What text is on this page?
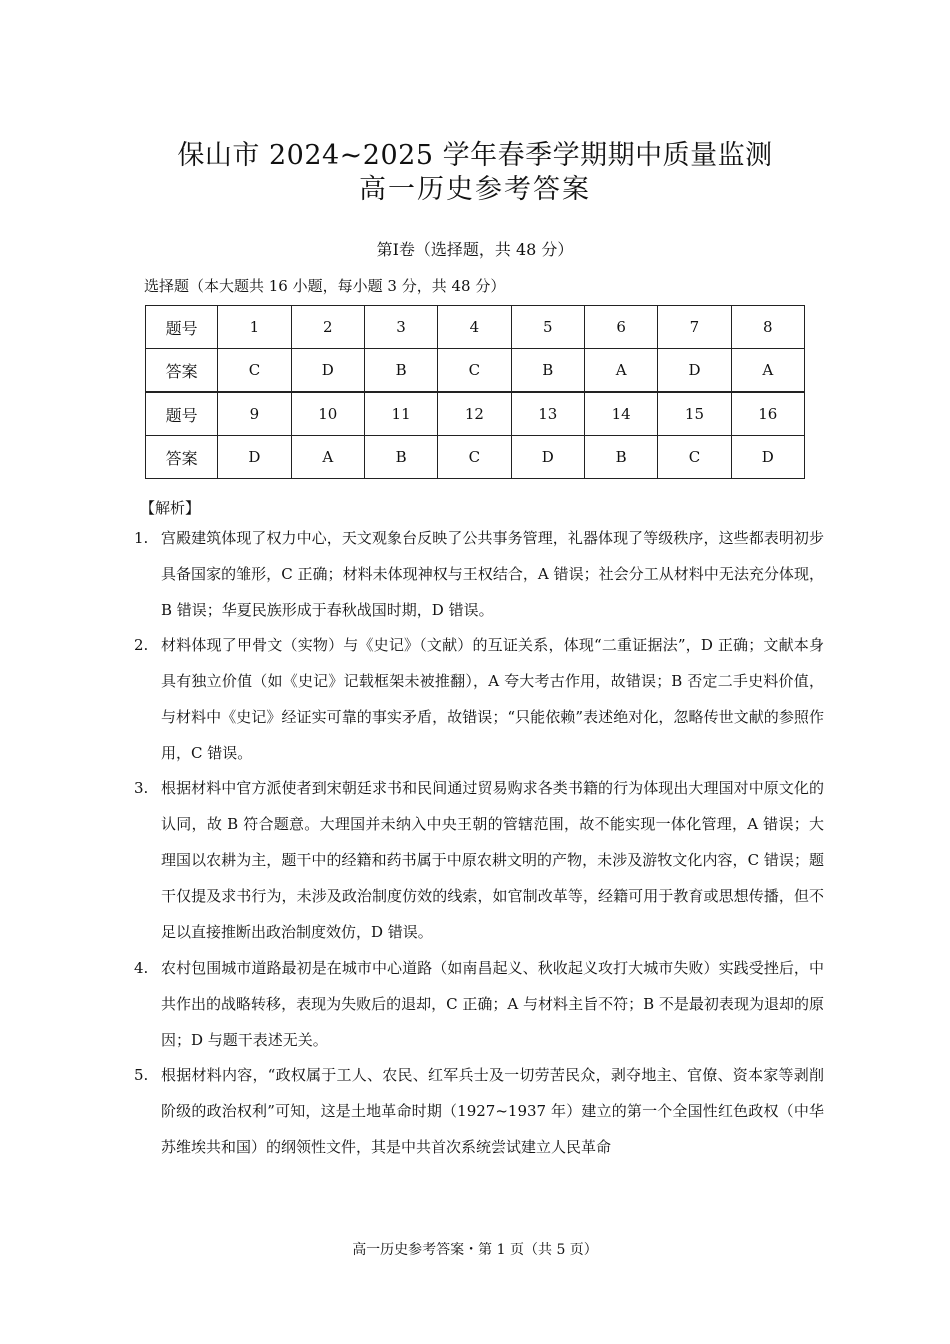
保山市 2024~2025 学年春季学期期中质量监测
高一历史参考答案
第Ⅰ卷（选择题，共 48 分）
选择题（本大题共 16 小题，每小题 3 分，共 48 分）
题号	1	2	3	4	5	6	7	8
答案	C	D	B	C	B	A	D	A
题号	9	10	11	12	13	14	15	16
答案	D	A	B	C	D	B	C	D
【解析】
1. 宫殿建筑体现了权力中心，天文观象台反映了公共事务管理，礼器体现了等级秩序，这些都表明初步具备国家的雏形，C 正确；材料未体现神权与王权结合，A 错误；社会分工从材料中无法充分体现，B 错误；华夏民族形成于春秋战国时期，D 错误。
2. 材料体现了甲骨文（实物）与《史记》（文献）的互证关系，体现“二重证据法”，D 正确；文献本身具有独立价值（如《史记》记载框架未被推翻），A 夸大考古作用，故错误；B 否定二手史料价值，与材料中《史记》经证实可靠的事实矛盾，故错误；“只能依赖”表述绝对化，忽略传世文献的参照作用，C 错误。
3. 根据材料中官方派使者到宋朝廷求书和民间通过贸易购求各类书籍的行为体现出大理国对中原文化的认同，故 B 符合题意。大理国并未纳入中央王朝的管辖范围，故不能实现一体化管理，A 错误；大理国以农耕为主，题干中的经籍和药书属于中原农耕文明的产物，未涉及游牧文化内容，C 错误；题干仅提及求书行为，未涉及政治制度仿效的线索，如官制改革等，经籍可用于教育或思想传播，但不足以直接推断出政治制度效仿，D 错误。
4. 农村包围城市道路最初是在城市中心道路（如南昌起义、秋收起义攻打大城市失败）实践受挫后，中共作出的战略转移，表现为失败后的退却，C 正确；A 与材料主旨不符；B 不是最初表现为退却的原因；D 与题干表述无关。
5. 根据材料内容，“政权属于工人、农民、红军兵士及一切劳苦民众，剥夺地主、官僚、资本家等剥削阶级的政治权利”可知，这是土地革命时期（1927~1937 年）建立的第一个全国性红色政权（中华苏维埃共和国）的纲领性文件，其是中共首次系统尝试建立人民革命
高一历史参考答案・第 1 页（共 5 页）
